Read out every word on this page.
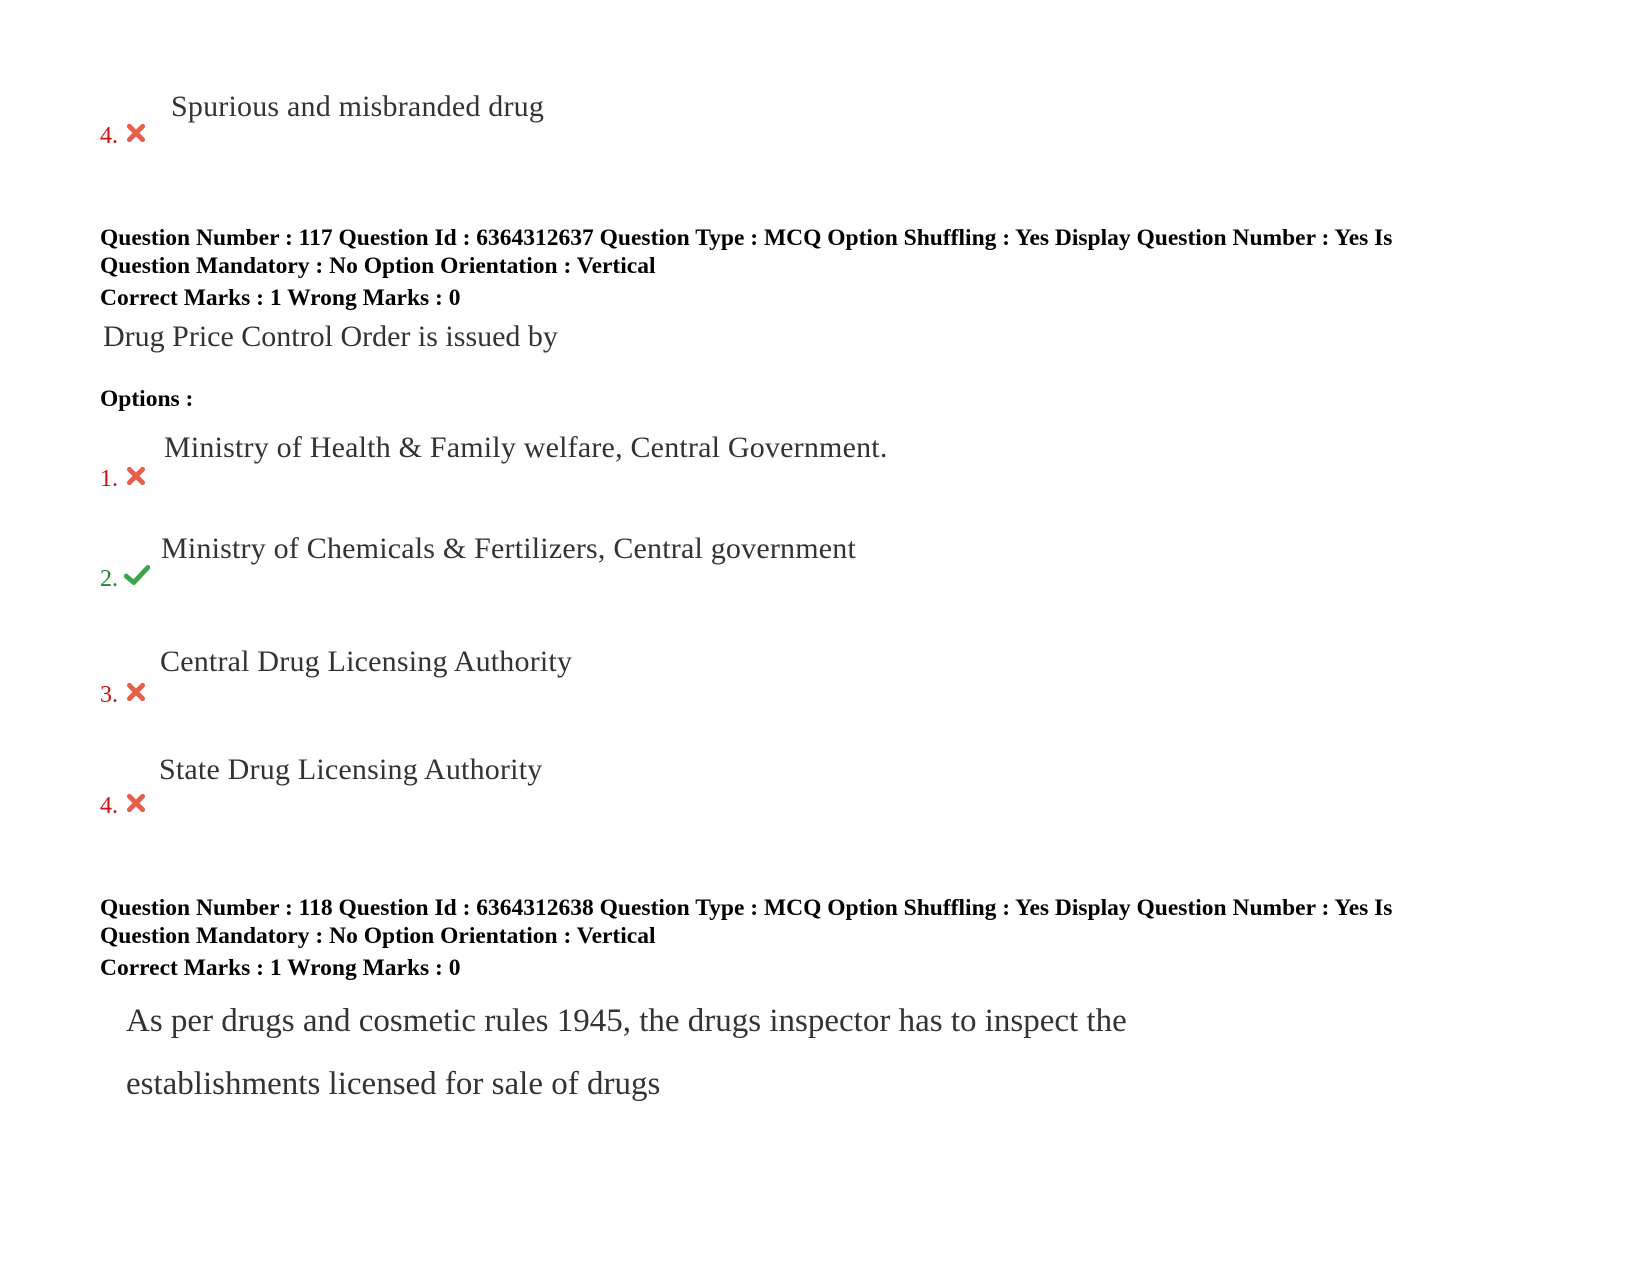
Spurious and misbranded drug
4.
Question Number : 117 Question Id : 6364312637 Question Type : MCQ Option Shuffling : Yes Display Question Number : Yes Is
Question Mandatory : No Option Orientation : Vertical
Correct Marks : 1 Wrong Marks : 0
Drug Price Control Order is issued by
Options :
Ministry of Health & Family welfare, Central Government.
1.
Ministry of Chemicals & Fertilizers, Central government
2.
Central Drug Licensing Authority
3.
State Drug Licensing Authority
4.
Question Number : 118 Question Id : 6364312638 Question Type : MCQ Option Shuffling : Yes Display Question Number : Yes Is
Question Mandatory : No Option Orientation : Vertical
Correct Marks : 1 Wrong Marks : 0
As per drugs and cosmetic rules 1945, the drugs inspector has to inspect the
establishments licensed for sale of drugs
